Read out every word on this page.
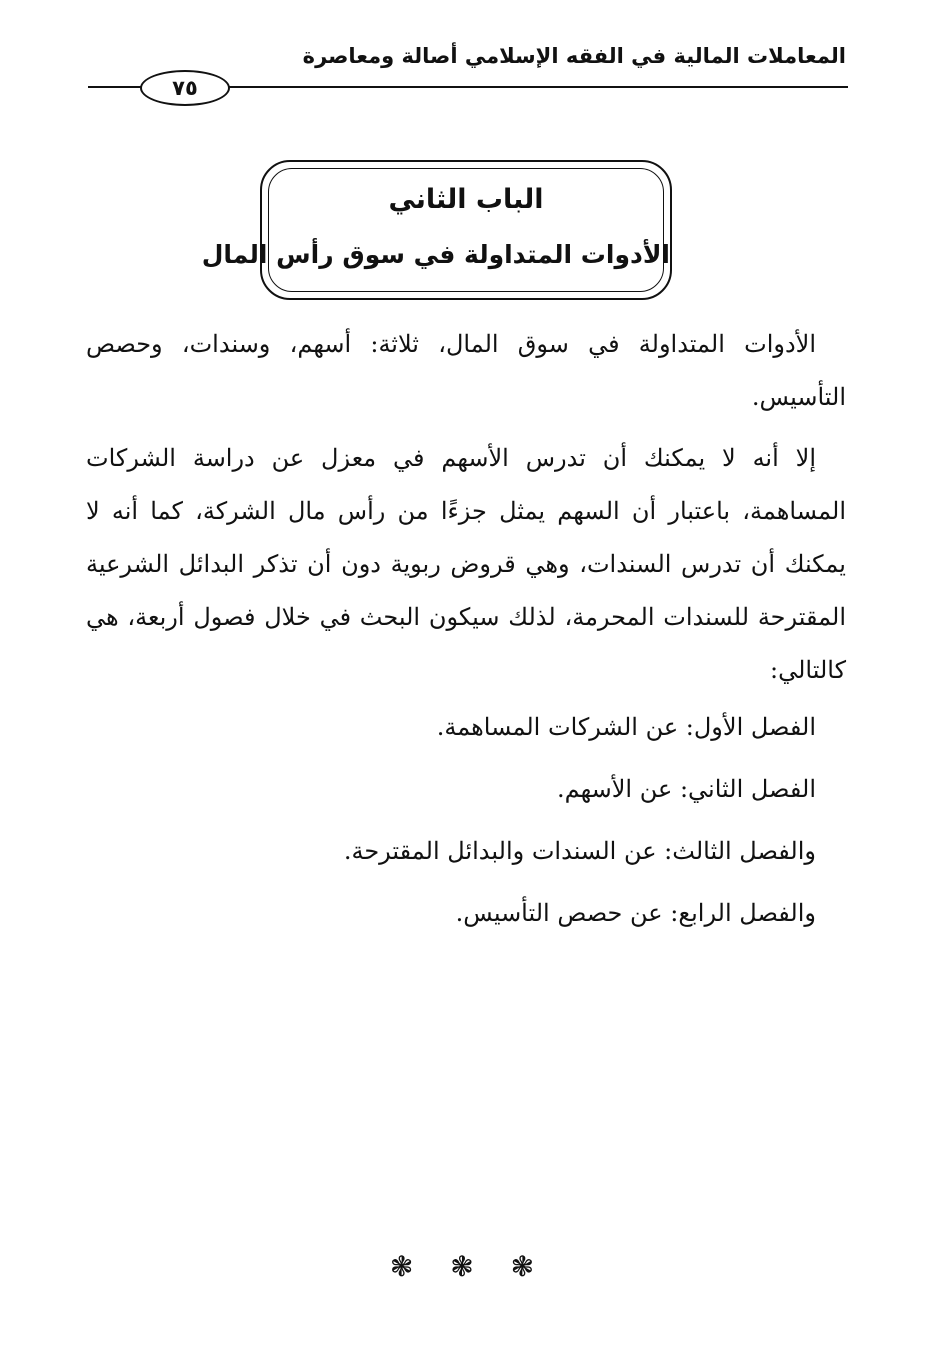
المعاملات المالية في الفقه الإسلامي أصالة ومعاصرة
٧٥
الباب الثاني
الأدوات المتداولة في سوق رأس المال

الأدوات المتداولة في سوق المال، ثلاثة: أسهم، وسندات، وحصص التأسيس.

إلا أنه لا يمكنك أن تدرس الأسهم في معزل عن دراسة الشركات المساهمة، باعتبار أن السهم يمثل جزءًا من رأس مال الشركة، كما أنه لا يمكنك أن تدرس السندات، وهي قروض ربوية دون أن تذكر البدائل الشرعية المقترحة للسندات المحرمة، لذلك سيكون البحث في خلال فصول أربعة، هي كالتالي:

الفصل الأول: عن الشركات المساهمة.
الفصل الثاني: عن الأسهم.
والفصل الثالث: عن السندات والبدائل المقترحة.
والفصل الرابع: عن حصص التأسيس.
❃ ❃ ❃
